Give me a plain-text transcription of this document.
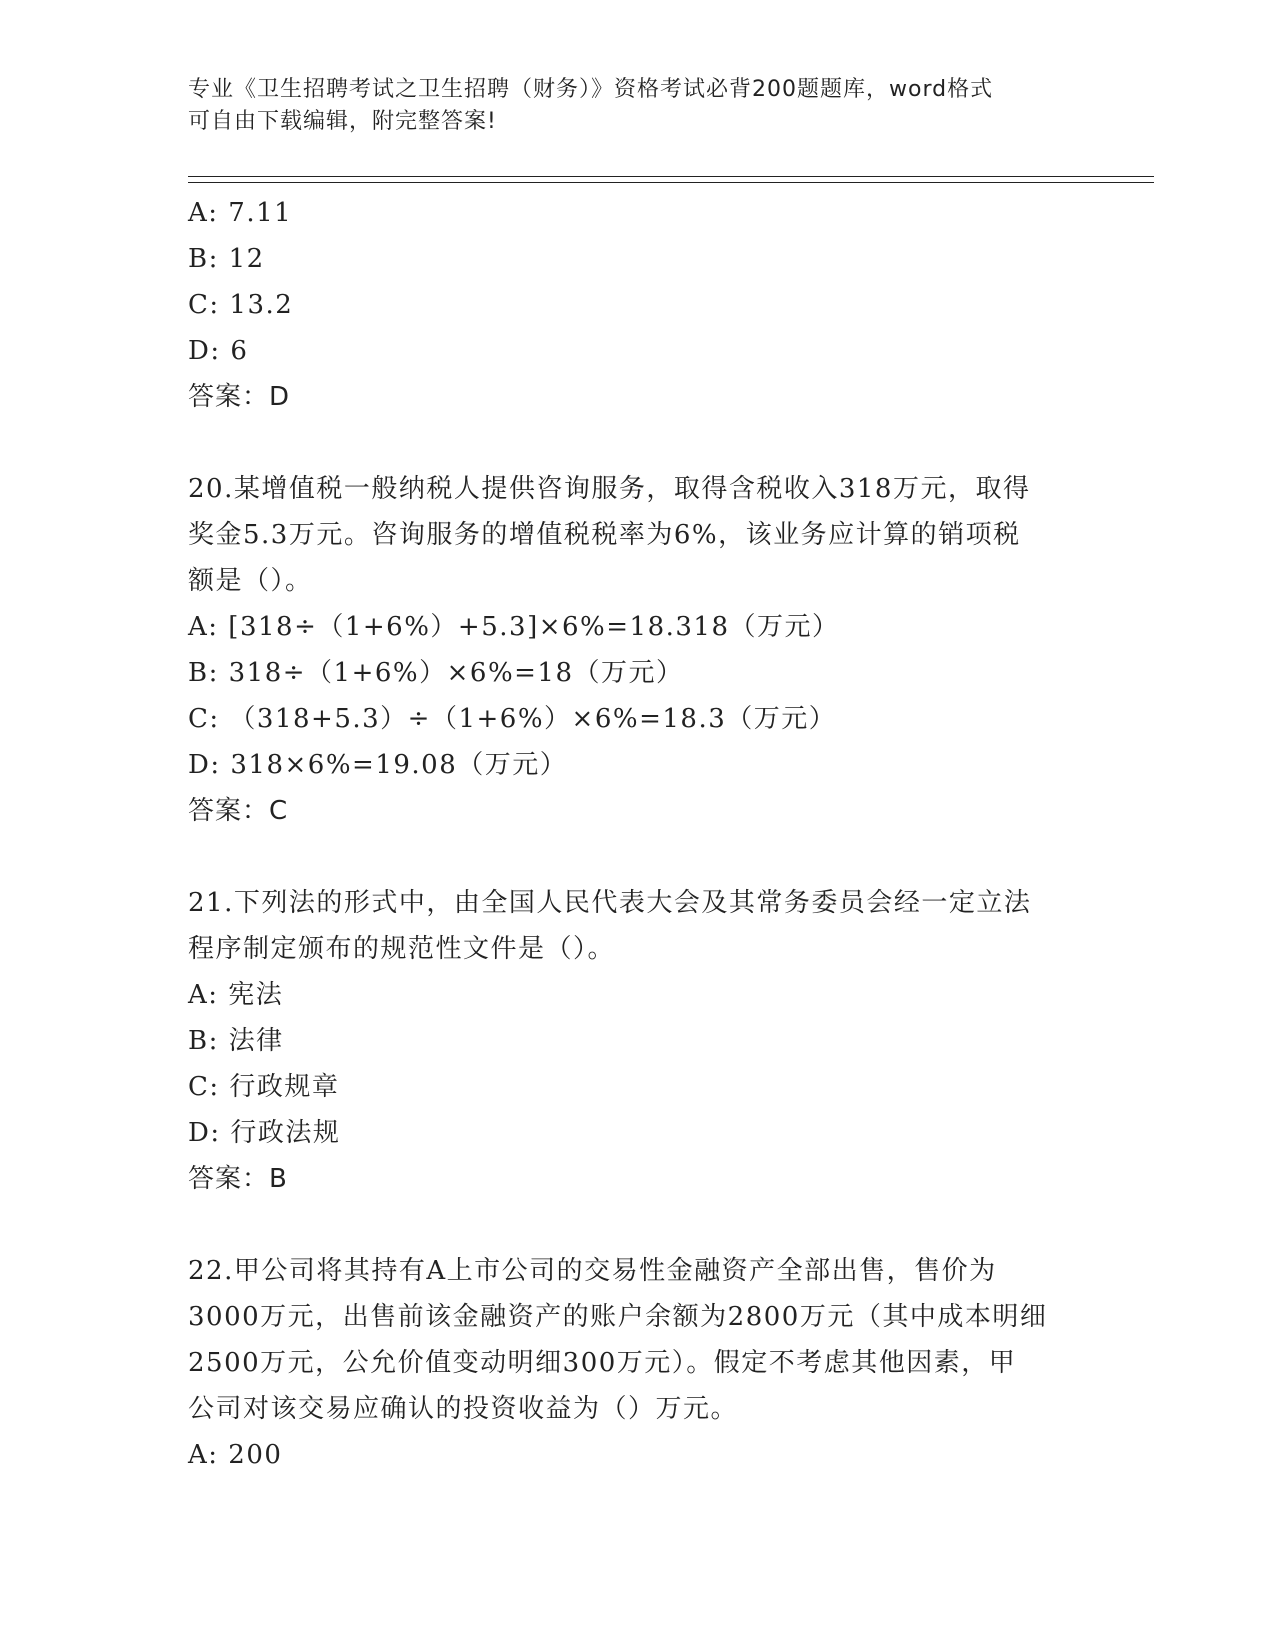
专业《卫生招聘考试之卫生招聘（财务）》资格考试必背200题题库，word格式
可自由下载编辑，附完整答案!
A: 7.11
B: 12
C: 13.2
D: 6
答案：D
20.某增值税一般纳税人提供咨询服务，取得含税收入318万元，取得
奖金5.3万元。咨询服务的增值税税率为6%，该业务应计算的销项税
额是（）。
A: [318÷（1+6%）+5.3]×6%=18.318（万元）
B: 318÷（1+6%）×6%=18（万元）
C: （318+5.3）÷（1+6%）×6%=18.3（万元）
D: 318×6%=19.08（万元）
答案：C
21.下列法的形式中，由全国人民代表大会及其常务委员会经一定立法
程序制定颁布的规范性文件是（）。
A: 宪法
B: 法律
C: 行政规章
D: 行政法规
答案：B
22.甲公司将其持有A上市公司的交易性金融资产全部出售，售价为
3000万元，出售前该金融资产的账户余额为2800万元（其中成本明细
2500万元，公允价值变动明细300万元）。假定不考虑其他因素，甲
公司对该交易应确认的投资收益为（）万元。
A: 200
